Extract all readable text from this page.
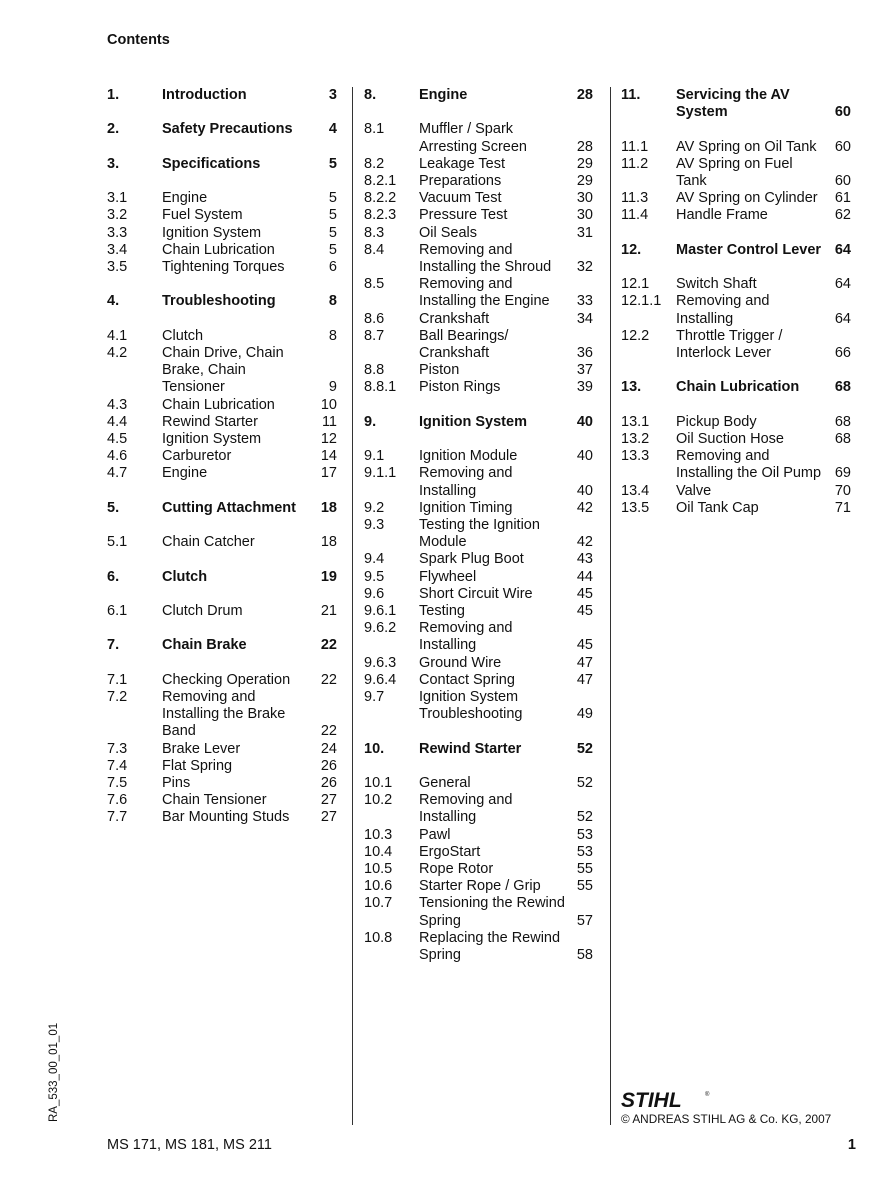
Contents
1.	Introduction	3
2.	Safety Precautions	4
3.	Specifications	5
3.1 Engine	5
3.2 Fuel System	5
3.3 Ignition System	5
3.4 Chain Lubrication	5
3.5 Tightening Torques	6
4.	Troubleshooting	8
4.1 Clutch	8
4.2 Chain Drive, Chain Brake, Chain Tensioner	9
4.3 Chain Lubrication	10
4.4 Rewind Starter	11
4.5 Ignition System	12
4.6 Carburetor	14
4.7 Engine	17
5.	Cutting Attachment	18
5.1 Chain Catcher	18
6.	Clutch	19
6.1 Clutch Drum	21
7.	Chain Brake	22
7.1 Checking Operation	22
7.2 Removing and Installing the Brake Band	22
7.3 Brake Lever	24
7.4 Flat Spring	26
7.5 Pins	26
7.6 Chain Tensioner	27
7.7 Bar Mounting Studs	27
8.	Engine	28
8.1 Muffler / Spark Arresting Screen	28
8.2 Leakage Test	29
8.2.1 Preparations	29
8.2.2 Vacuum Test	30
8.2.3 Pressure Test	30
8.3 Oil Seals	31
8.4 Removing and Installing the Shroud	32
8.5 Removing and Installing the Engine	33
8.6 Crankshaft	34
8.7 Ball Bearings/ Crankshaft	36
8.8 Piston	37
8.8.1 Piston Rings	39
9.	Ignition System	40
9.1 Ignition Module	40
9.1.1 Removing and Installing	40
9.2 Ignition Timing	42
9.3 Testing the Ignition Module	42
9.4 Spark Plug Boot	43
9.5 Flywheel	44
9.6 Short Circuit Wire	45
9.6.1 Testing	45
9.6.2 Removing and Installing	45
9.6.3 Ground Wire	47
9.6.4 Contact Spring	47
9.7 Ignition System Troubleshooting	49
10. Rewind Starter	52
10.1 General	52
10.2 Removing and Installing	52
10.3 Pawl	53
10.4 ErgoStart	53
10.5 Rope Rotor	55
10.6 Starter Rope / Grip	55
10.7 Tensioning the Rewind Spring	57
10.8 Replacing the Rewind Spring	58
11. Servicing the AV System	60
11.1 AV Spring on Oil Tank	60
11.2 AV Spring on Fuel Tank	60
11.3 AV Spring on Cylinder	61
11.4 Handle Frame	62
12. Master Control Lever 64
12.1 Switch Shaft	64
12.1.1 Removing and Installing	64
12.2 Throttle Trigger / Interlock Lever	66
13. Chain Lubrication	68
13.1 Pickup Body	68
13.2 Oil Suction Hose	68
13.3 Removing and Installing the Oil Pump 69
13.4 Valve	70
13.5 Oil Tank Cap	71
RA_533_00_01_01	STIHL	®
© ANDREAS STIHL AG & Co. KG, 2007
MS 171, MS 181, MS 211	1
